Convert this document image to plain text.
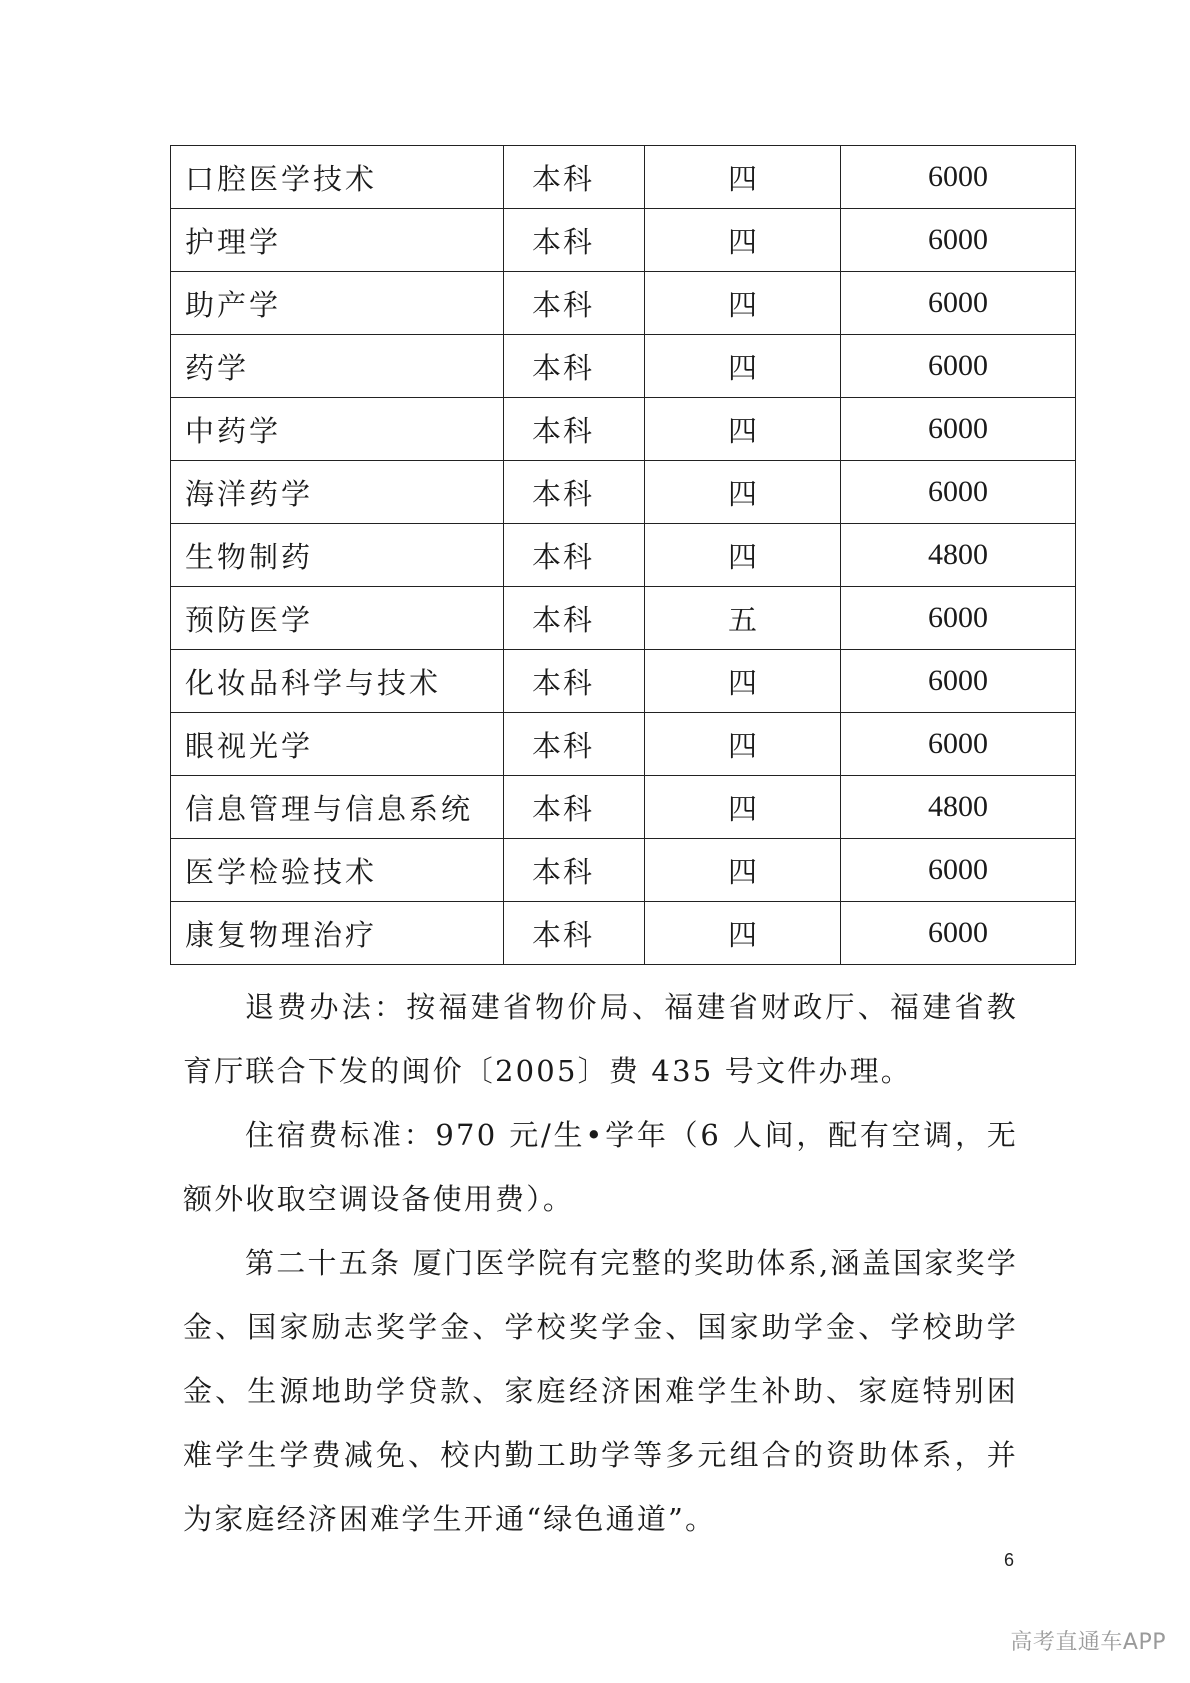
口腔医学技术	本科	四	6000
护理学	本科	四	6000
助产学	本科	四	6000
药学	本科	四	6000
中药学	本科	四	6000
海洋药学	本科	四	6000
生物制药	本科	四	4800
预防医学	本科	五	6000
化妆品科学与技术	本科	四	6000
眼视光学	本科	四	6000
信息管理与信息系统	本科	四	4800
医学检验技术	本科	四	6000
康复物理治疗	本科	四	6000

退费办法：按福建省物价局、福建省财政厅、福建省教育厅联合下发的闽价〔2005〕费 435 号文件办理。

住宿费标准：970 元/生•学年（6 人间，配有空调，无额外收取空调设备使用费）。

第二十五条 厦门医学院有完整的奖助体系,涵盖国家奖学金、国家励志奖学金、学校奖学金、国家助学金、学校助学金、生源地助学贷款、家庭经济困难学生补助、家庭特别困难学生学费减免、校内勤工助学等多元组合的资助体系，并为家庭经济困难学生开通“绿色通道”。

6
高考直通车APP
